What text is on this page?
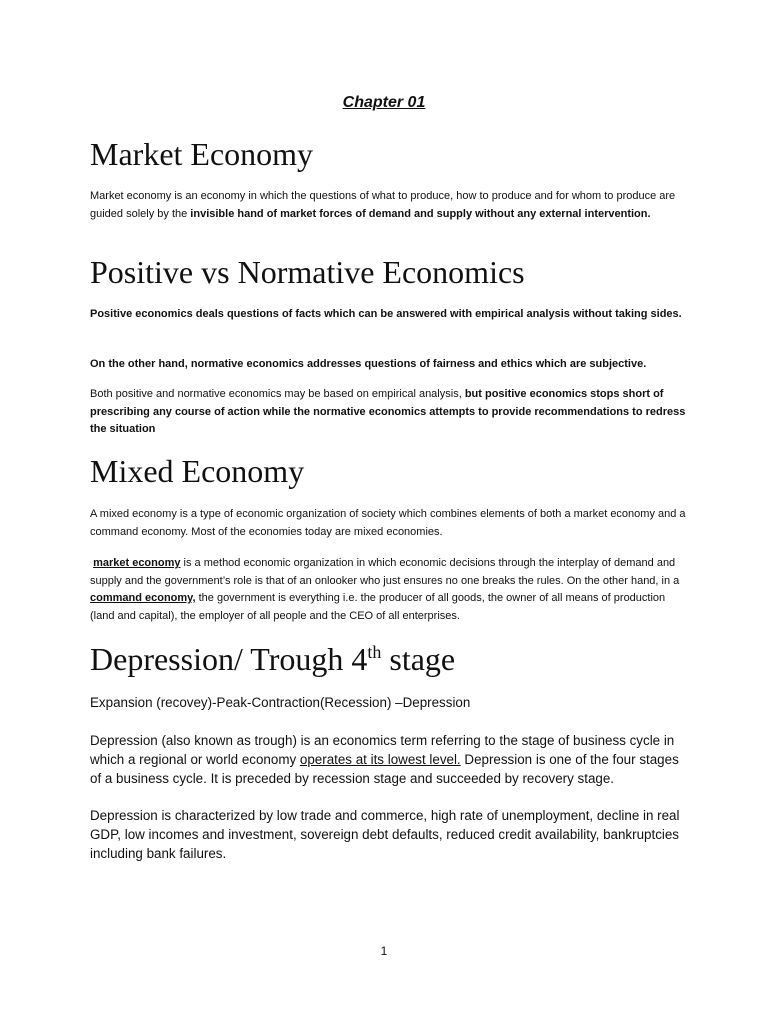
Chapter 01
Market Economy

Market economy is an economy in which the questions of what to produce, how to produce and for whom to produce are guided solely by the invisible hand of market forces of demand and supply without any external intervention.

Positive vs Normative Economics

Positive economics deals questions of facts which can be answered with empirical analysis without taking sides.

On the other hand, normative economics addresses questions of fairness and ethics which are subjective.

Both positive and normative economics may be based on empirical analysis, but positive economics stops short of prescribing any course of action while the normative economics attempts to provide recommendations to redress the situation

Mixed Economy

A mixed economy is a type of economic organization of society which combines elements of both a market economy and a command economy. Most of the economies today are mixed economies.

market economy is a method economic organization in which economic decisions through the interplay of demand and supply and the government’s role is that of an onlooker who just ensures no one breaks the rules. On the other hand, in a command economy, the government is everything i.e. the producer of all goods, the owner of all means of production (land and capital), the employer of all people and the CEO of all enterprises.

Depression/ Trough 4th stage

Expansion (recovey)-Peak-Contraction(Recession) –Depression

Depression (also known as trough) is an economics term referring to the stage of business cycle in which a regional or world economy operates at its lowest level. Depression is one of the four stages of a business cycle. It is preceded by recession stage and succeeded by recovery stage.

Depression is characterized by low trade and commerce, high rate of unemployment, decline in real GDP, low incomes and investment, sovereign debt defaults, reduced credit availability, bankruptcies including bank failures.

1
